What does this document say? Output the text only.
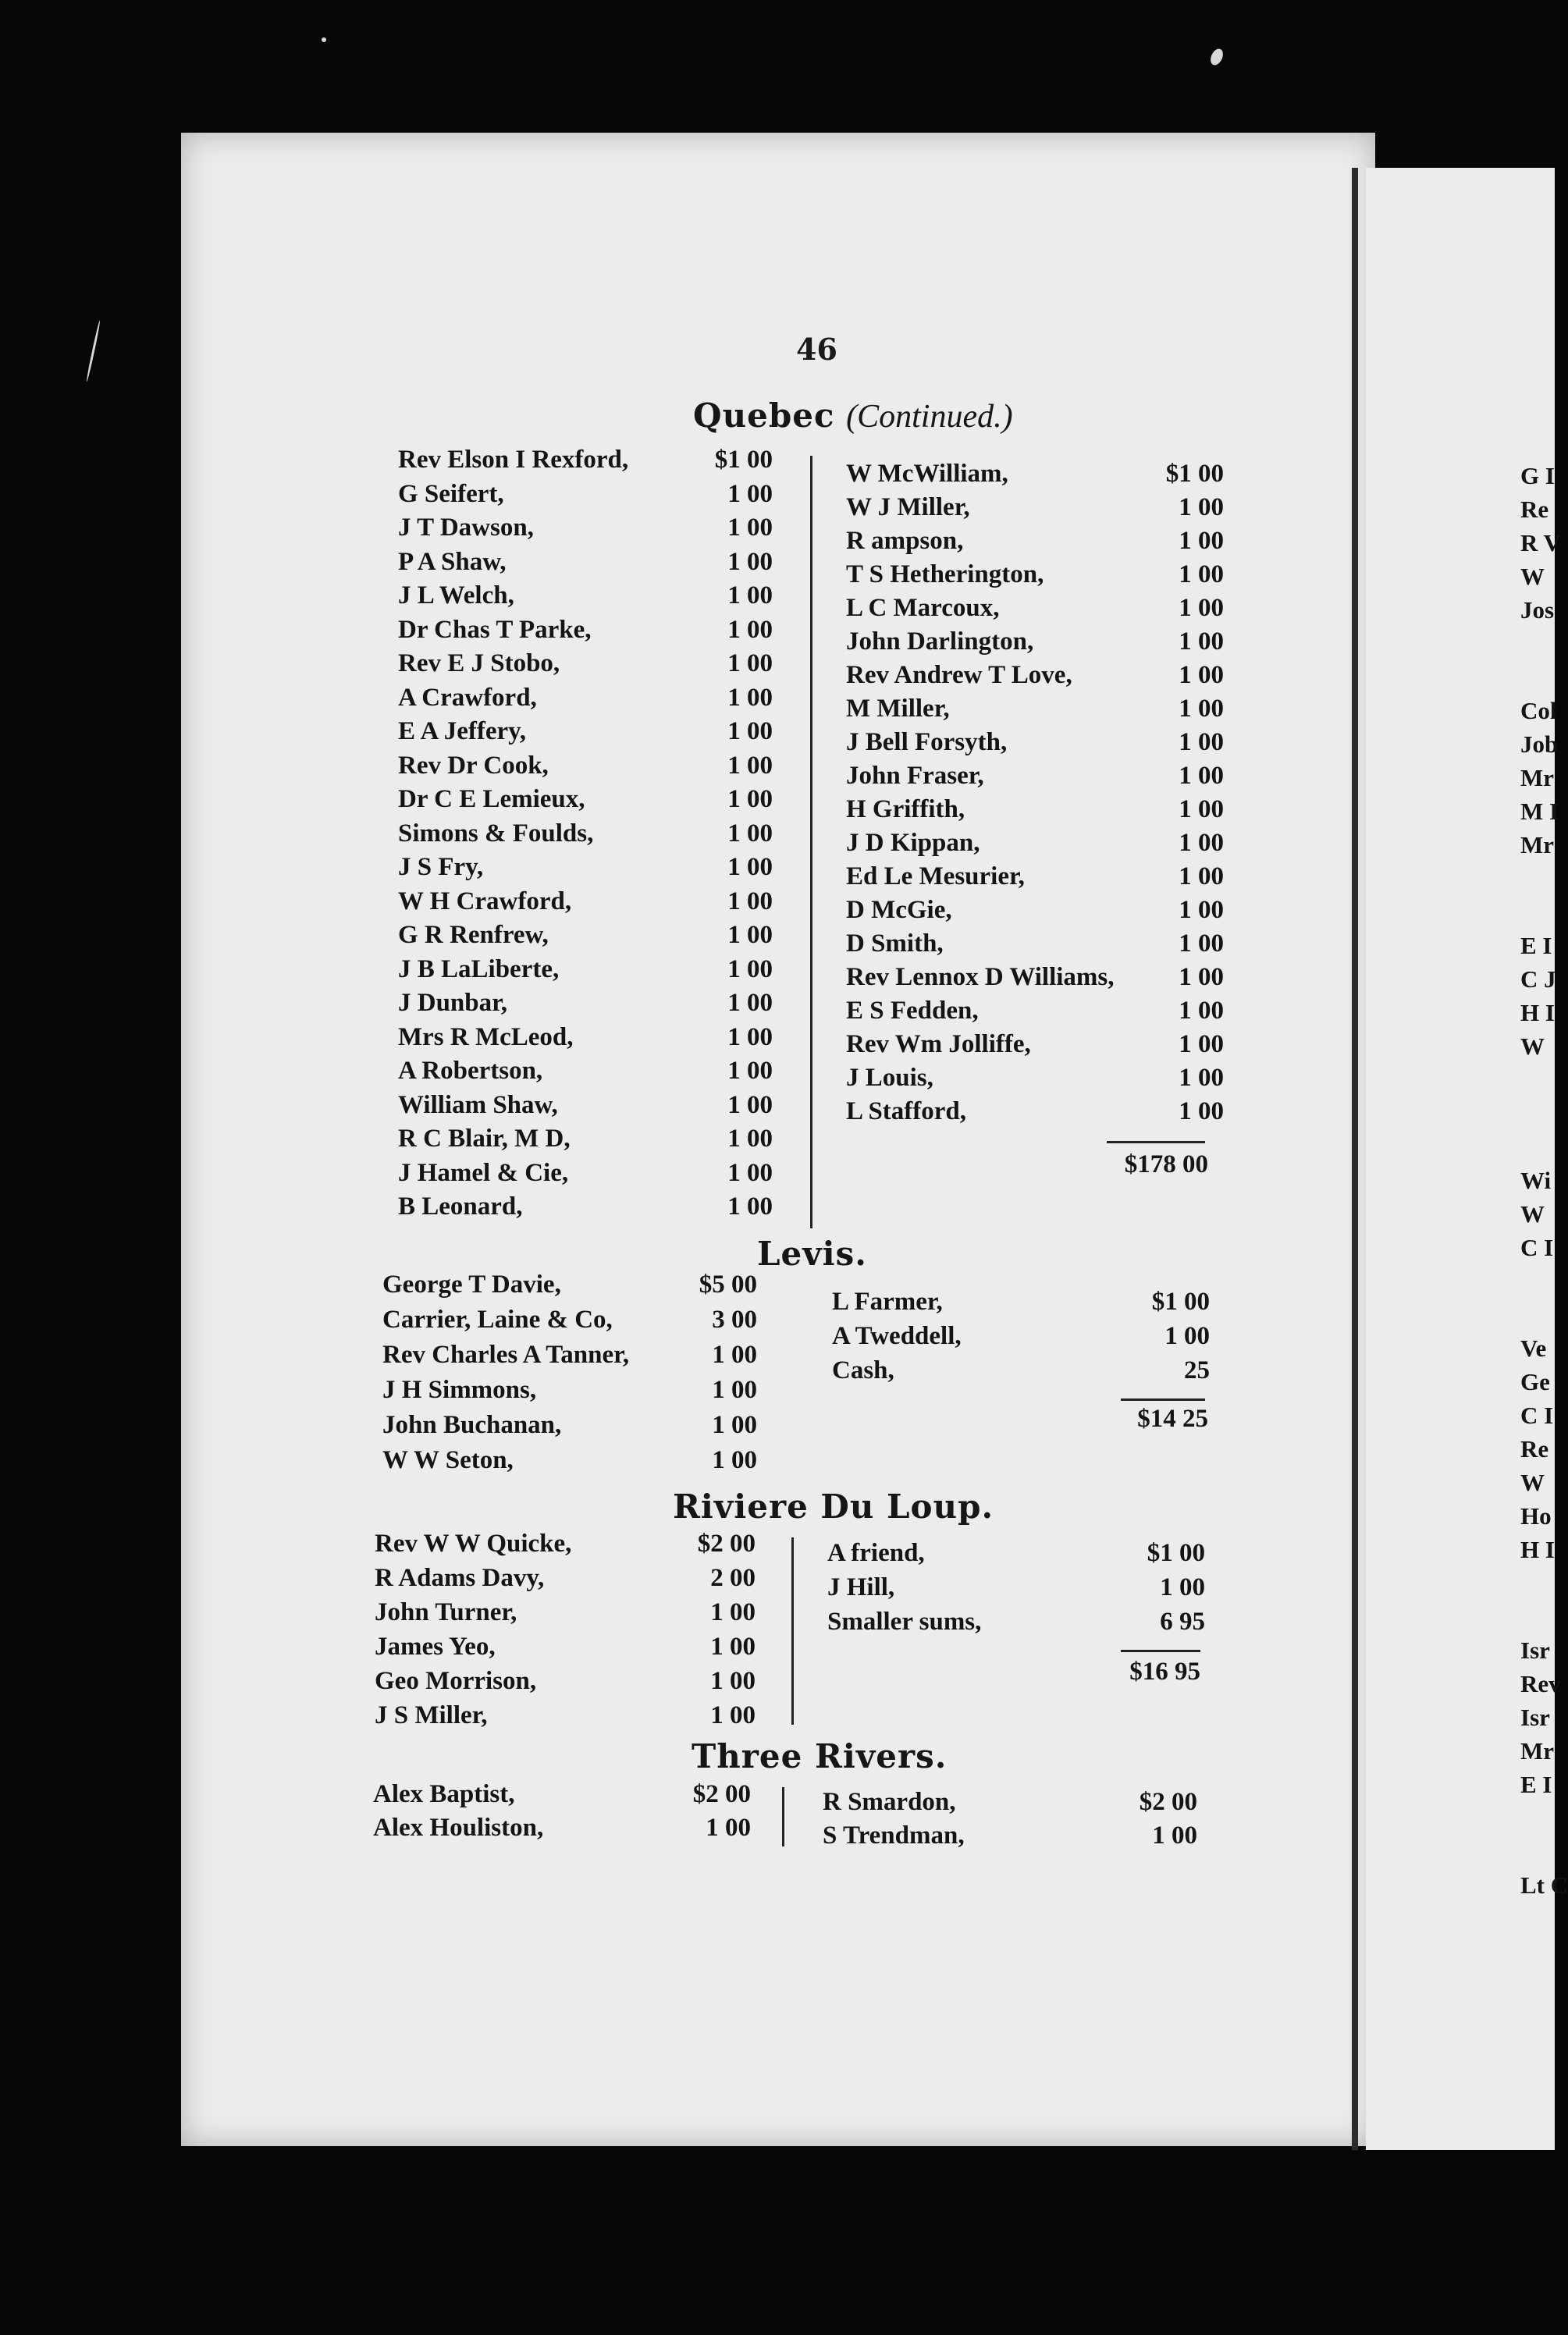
46
Quebec (Continued.)
Rev Elson I Rexford,	$1 00
G Seifert,	1 00
J T Dawson,	1 00
P A Shaw,	1 00
J L Welch,	1 00
Dr Chas T Parke,	1 00
Rev E J Stobo,	1 00
A Crawford,	1 00
E A Jeffery,	1 00
Rev Dr Cook,	1 00
Dr C E Lemieux,	1 00
Simons & Foulds,	1 00
J S Fry,	1 00
W H Crawford,	1 00
G R Renfrew,	1 00
J B LaLiberte,	1 00
J Dunbar,	1 00
Mrs R McLeod,	1 00
A Robertson,	1 00
William Shaw,	1 00
R C Blair, M D,	1 00
J Hamel & Cie,	1 00
B Leonard,	1 00
W McWilliam,	$1 00
W J Miller,	1 00
R ampson,	1 00
T S Hetherington,	1 00
L C Marcoux,	1 00
John Darlington,	1 00
Rev Andrew T Love,	1 00
M Miller,	1 00
J Bell Forsyth,	1 00
John Fraser,	1 00
H Griffith,	1 00
J D Kippan,	1 00
Ed Le Mesurier,	1 00
D McGie,	1 00
D Smith,	1 00
Rev Lennox D Williams,	1 00
E S Fedden,	1 00
Rev Wm Jolliffe,	1 00
J Louis,	1 00
L Stafford,	1 00
$178 00
Levis.
George T Davie,	$5 00
Carrier, Laine & Co,	3 00
Rev Charles A Tanner,	1 00
J H Simmons,	1 00
John Buchanan,	1 00
W W Seton,	1 00
L Farmer,	$1 00
A Tweddell,	1 00
Cash,	25
$14 25
Riviere Du Loup.
Rev W W Quicke,	$2 00
R Adams Davy,	2 00
John Turner,	1 00
James Yeo,	1 00
Geo Morrison,	1 00
J S Miller,	1 00
A friend,	$1 00
J Hill,	1 00
Smaller sums,	6 95
$16 95
Three Rivers.
Alex Baptist,	$2 00
Alex Houliston,	1 00
R Smardon,	$2 00
S Trendman,	1 00
G I
Re
R V
W
Jos
Col
Job
Mr
M I
Mr
E I
C J
H I
W
Wi
W
C I
Ve
Ge
C I
Re
W
Ho
H I
Isr
Rev
Isr
Mr
E I
Lt C
